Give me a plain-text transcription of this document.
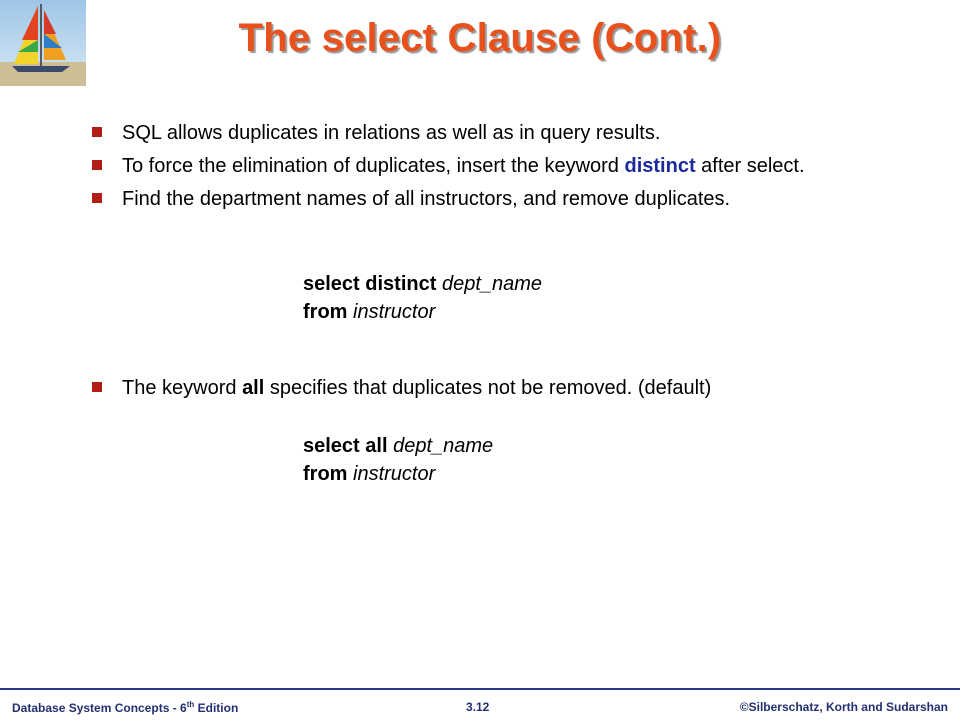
The select Clause (Cont.)
SQL allows duplicates in relations as well as in query results.
To force the elimination of duplicates, insert the keyword distinct after select.
Find the department names of all instructors, and remove duplicates.
select distinct dept_name
from instructor
The keyword all specifies that duplicates not be removed. (default)
select all dept_name
from instructor
Database System Concepts - 6th Edition	3.12	©Silberschatz, Korth and Sudarshan
